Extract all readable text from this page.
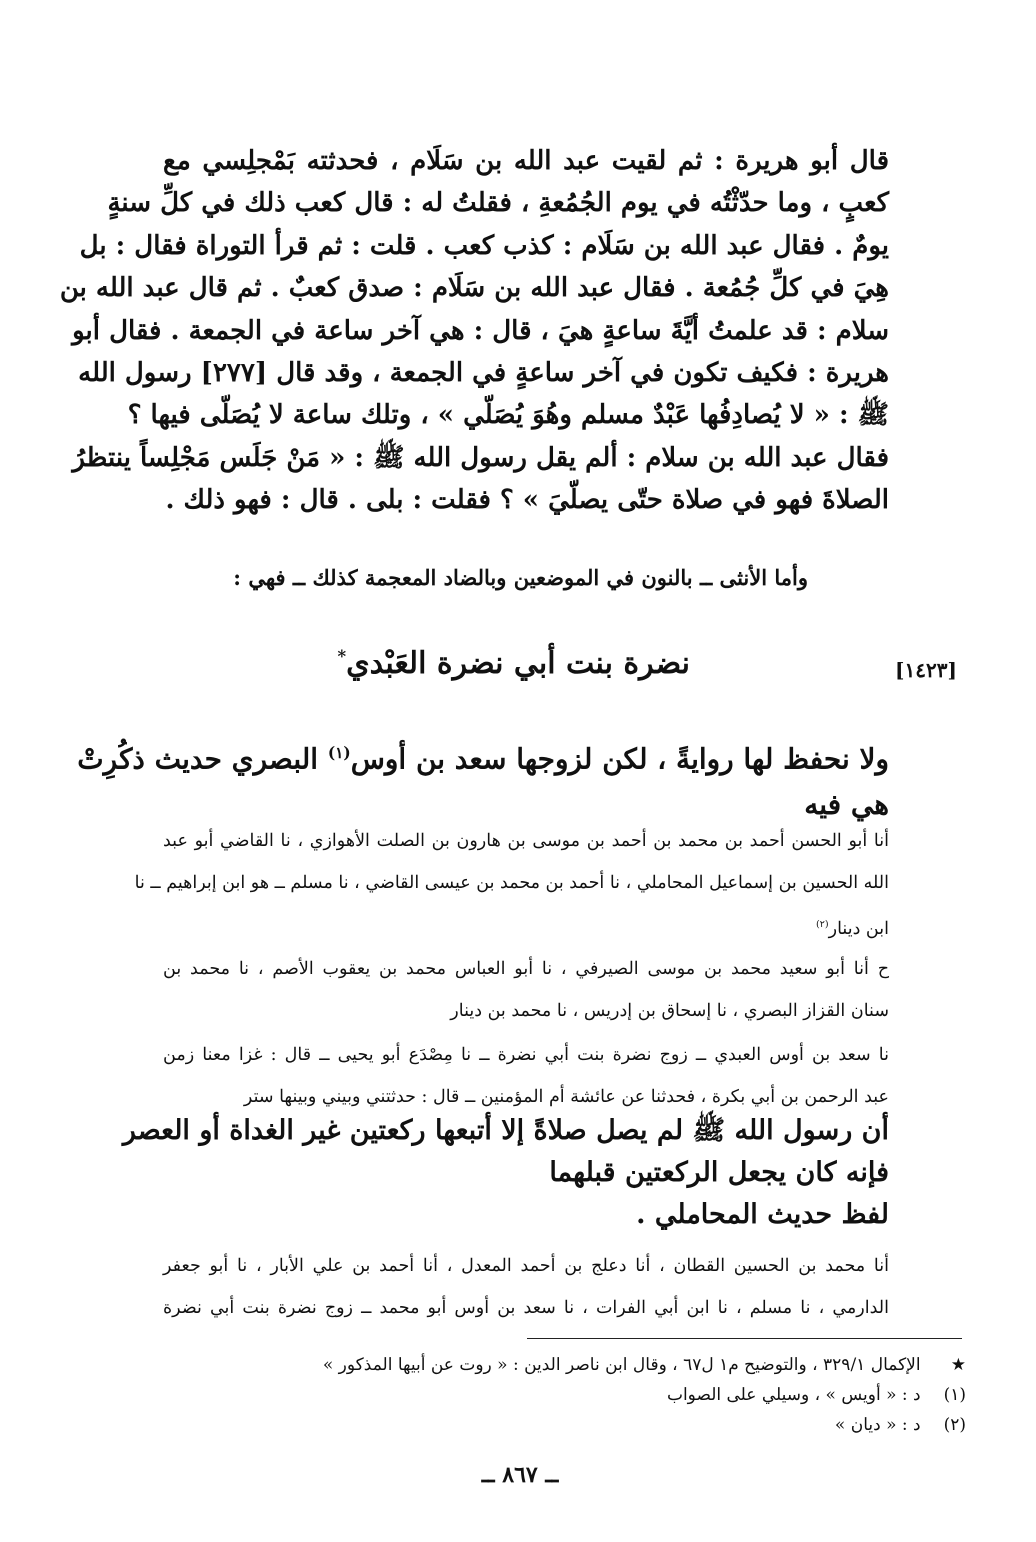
قال أبو هريرة : ثم لقيت عبد الله بن سَلَام ، فحدثته بَمْجلِسي مع
كعبٍ ، وما حدّثْتُه في يوم الجُمُعةِ ، فقلتُ له : قال كعب ذلك في كلِّ سنةٍ
يومٌ . فقال عبد الله بن سَلَام : كذب كعب . قلت : ثم قرأ التوراة فقال : بل
هِيَ في كلِّ جُمُعة . فقال عبد الله بن سَلَام : صدق كعبٌ . ثم قال عبد الله بن
سلام : قد علمتُ أيَّةَ ساعةٍ هيَ ، قال : هي آخر ساعة في الجمعة . فقال أبو
هريرة : فكيف تكون في آخر ساعةٍ في الجمعة ، وقد قال [٢٧٧] رسول الله
ﷺ : « لا يُصادِفُها عَبْدٌ مسلم وهُوَ يُصَلّي » ، وتلك ساعة لا يُصَلّى فيها ؟
فقال عبد الله بن سلام : ألم يقل رسول الله ﷺ : « مَنْ جَلَس مَجْلِساً ينتظرُ
الصلاةَ فهو في صلاة حتّى يصلّيَ » ؟ فقلت : بلى . قال : فهو ذلك .
وأما الأنثى ــ بالنون في الموضعين وبالضاد المعجمة كذلك ــ فهي :
[١٤٢٣]
نضرة بنت أبي نضرة العَبْدي*
ولا نحفظ لها روايةً ، لكن لزوجها سعد بن أوس$^{(١)}$ البصري حديث ذكُرِتْ
هي فيه
أنا أبو الحسن أحمد بن محمد بن أحمد بن موسى بن هارون بن الصلت الأهوازي ، نا القاضي أبو عبد
الله الحسين بن إسماعيل المحاملي ، نا أحمد بن محمد بن عيسى القاضي ، نا مسلم ــ هو ابن إبراهيم ــ نا
ابن دينار$^{(٢)}$
ح أنا أبو سعيد محمد بن موسى الصيرفي ، نا أبو العباس محمد بن يعقوب الأصم ، نا محمد بن
سنان القزاز البصري ، نا إسحاق بن إدريس ، نا محمد بن دينار
نا سعد بن أوس العبدي ــ زوج نضرة بنت أبي نضرة ــ نا مِصْدَع أبو يحيى ــ قال : غزا معنا زمن
عبد الرحمن بن أبي بكرة ، فحدثنا عن عائشة أم المؤمنين ــ قال : حدثتني وبيني وبينها ستر
أن رسول الله ﷺ لم يصل صلاةً إلا أتبعها ركعتين غير الغداة أو العصر
فإنه كان يجعل الركعتين قبلهما
لفظ حديث المحاملي .
أنا محمد بن الحسين القطان ، أنا دعلج بن أحمد المعدل ، أنا أحمد بن علي الأبار ، نا أبو جعفر
الدارمي ، نا مسلم ، نا ابن أبي الفرات ، نا سعد بن أوس أبو محمد ــ زوج نضرة بنت أبي نضرة
★ الإكمال ٣٢٩/١ ، والتوضيح م١ ل٦٧ ، وقال ابن ناصر الدين : « روت عن أبيها المذكور »
(١) د : « أويس » ، وسيلي على الصواب
(٢) د : « ديان »
ــ ٨٦٧ ــ
